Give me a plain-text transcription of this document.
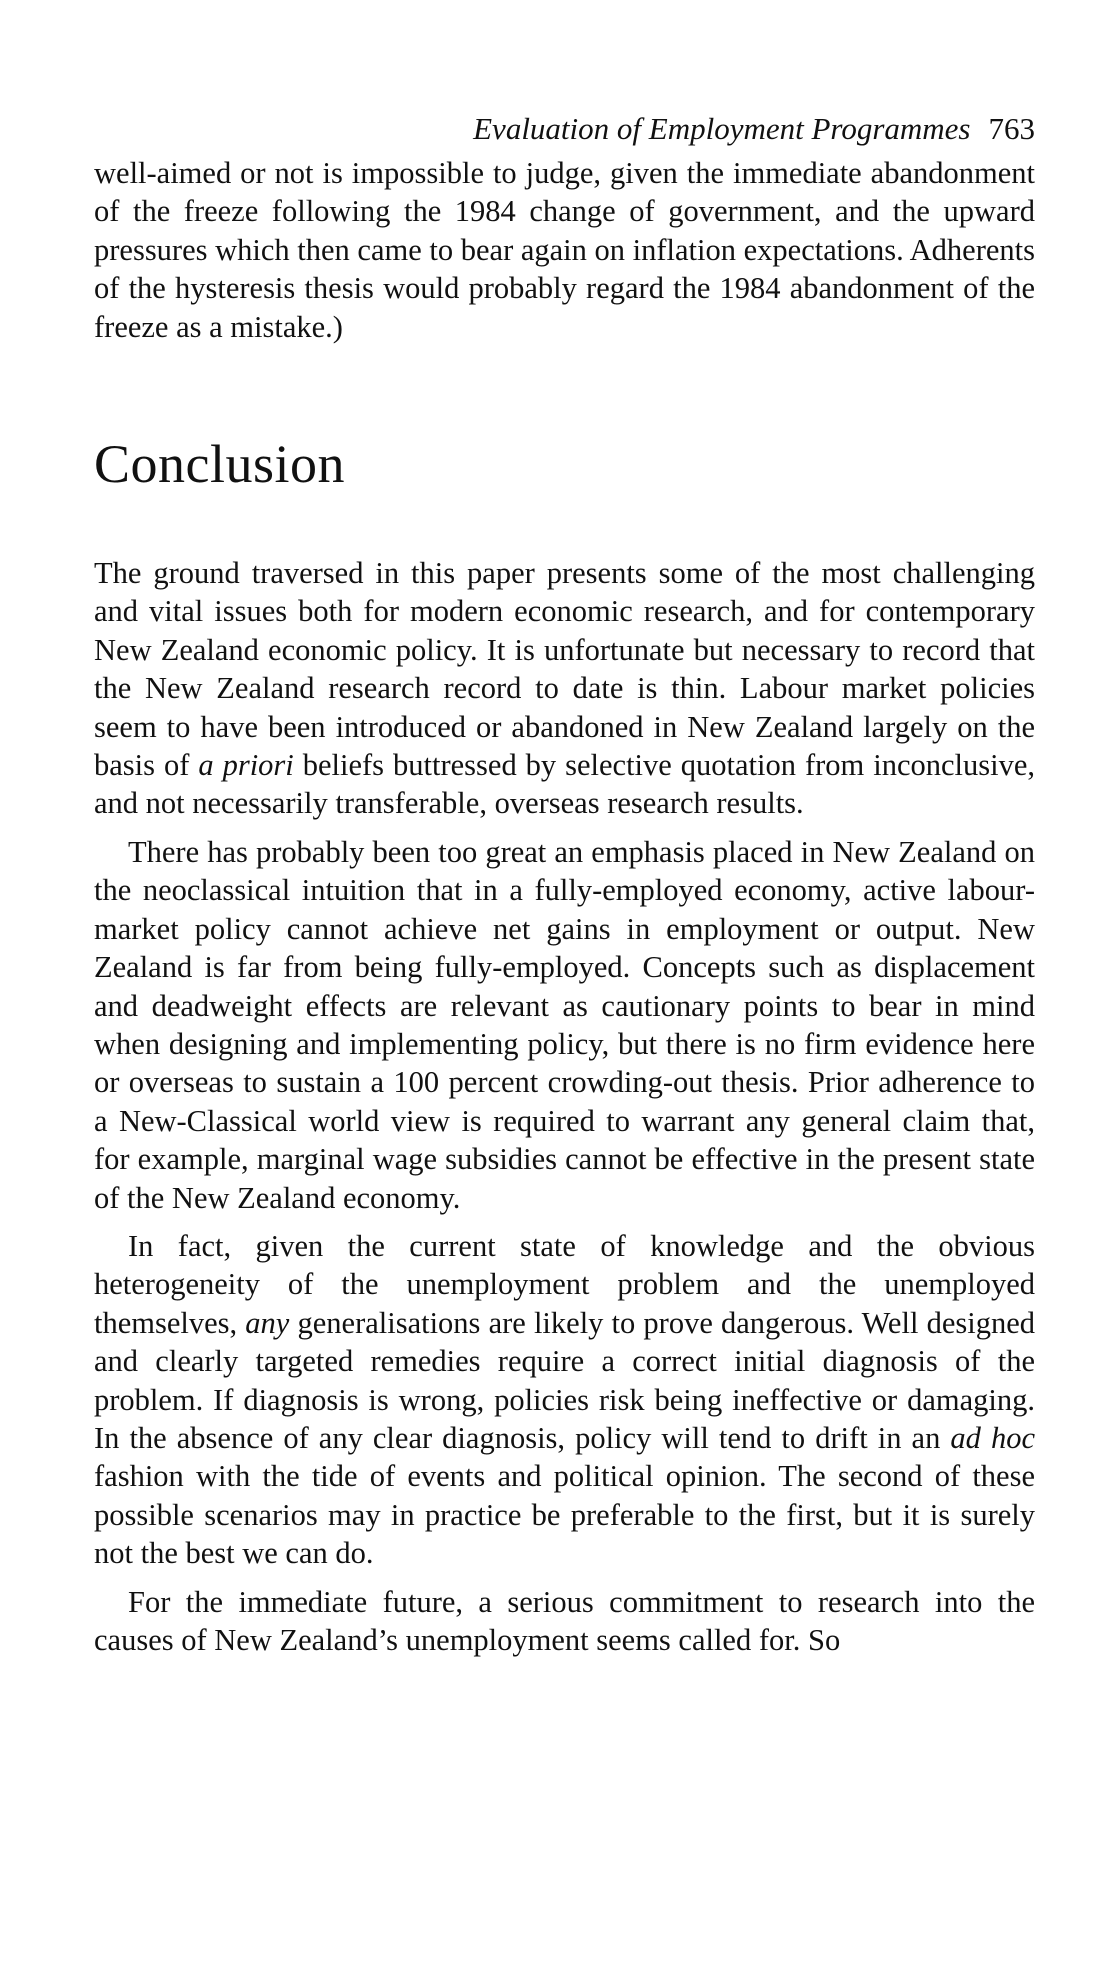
Evaluation of Employment Programmes 763

well-aimed or not is impossible to judge, given the immediate abandonment of the freeze following the 1984 change of government, and the upward pressures which then came to bear again on inflation expectations. Adherents of the hysteresis thesis would probably regard the 1984 abandonment of the freeze as a mistake.)

Conclusion

The ground traversed in this paper presents some of the most challenging and vital issues both for modern economic research, and for contemporary New Zealand economic policy. It is unfortunate but necessary to record that the New Zealand research record to date is thin. Labour market policies seem to have been introduced or abandoned in New Zealand largely on the basis of a priori beliefs buttressed by selective quotation from inconclusive, and not necessarily transferable, overseas research results.

There has probably been too great an emphasis placed in New Zealand on the neoclassical intuition that in a fully-employed economy, active labour-market policy cannot achieve net gains in employment or output. New Zealand is far from being fully-employed. Concepts such as displacement and deadweight effects are relevant as cautionary points to bear in mind when designing and implementing policy, but there is no firm evidence here or overseas to sustain a 100 percent crowding-out thesis. Prior adherence to a New-Classical world view is required to warrant any general claim that, for example, marginal wage subsidies cannot be effective in the present state of the New Zealand economy.

In fact, given the current state of knowledge and the obvious heterogeneity of the unemployment problem and the unemployed themselves, any generalisations are likely to prove dangerous. Well designed and clearly targeted remedies require a correct initial diagnosis of the problem. If diagnosis is wrong, policies risk being ineffective or damaging. In the absence of any clear diagnosis, policy will tend to drift in an ad hoc fashion with the tide of events and political opinion. The second of these possible scenarios may in practice be preferable to the first, but it is surely not the best we can do.

For the immediate future, a serious commitment to research into the causes of New Zealand’s unemployment seems called for. So
